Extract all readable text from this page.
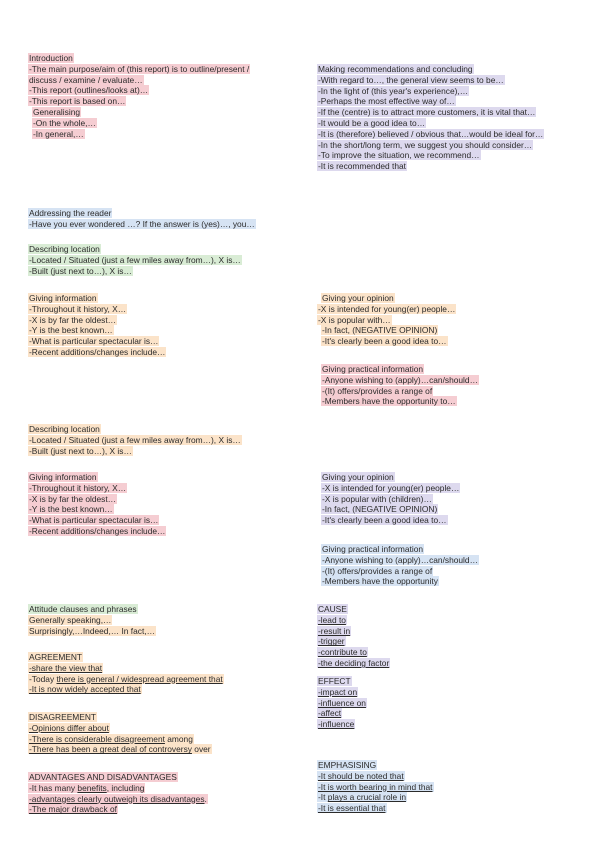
Introduction
-The main purpose/aim of (this report) is to outline/present /
discuss / examine / evaluate…
-This report (outlines/looks at)…
-This report is based on…
Generalising
-On the whole,…
-In general,…
Making recommendations and concluding
-With regard to…, the general view seems to be…
-In the light of (this year's experience),…
-Perhaps the most effective way of…
-If the (centre) is to attract more customers, it is vital that…
-It would be a good idea to…
-It is (therefore) believed / obvious that…would be ideal for…
-In the short/long term, we suggest you should consider…
-To improve the situation, we recommend…
-It is recommended that
Addressing the reader
-Have you ever wondered …? If the answer is (yes)…, you…
Describing location
-Located / Situated (just a few miles away from…), X is…
-Built (just next to…), X is…
Giving information
-Throughout it history, X…
-X is by far the oldest…
-Y is the best known…
-What is particular spectacular is…
-Recent additions/changes include…
Giving your opinion
-X is intended for young(er) people…
-X is popular with…
-In fact, (NEGATIVE OPINION)
-It's clearly been a good idea to…
Giving practical information
-Anyone wishing to (apply)…can/should…
-(It) offers/provides a range of
-Members have the opportunity to…
Describing location
-Located / Situated (just a few miles away from…), X is…
-Built (just next to…), X is…
Giving information
-Throughout it history, X…
-X is by far the oldest…
-Y is the best known…
-What is particular spectacular is…
-Recent additions/changes include…
Giving your opinion
-X is intended for young(er) people…
-X is popular with (children)…
-In fact, (NEGATIVE OPINION)
-It's clearly been a good idea to…
Giving practical information
-Anyone wishing to (apply)…can/should…
-(It) offers/provides a range of
-Members have the opportunity
Attitude clauses and phrases
Generally speaking,…
Surprisingly,…Indeed,… In fact,…
AGREEMENT
-share the view that
-Today there is general / widespread agreement that
-It is now widely accepted that
DISAGREEMENT
-Opinions differ about
-There is considerable disagreement among
-There has been a great deal of controversy over
ADVANTAGES AND DISADVANTAGES
-It has many benefits, including
-advantages clearly outweigh its disadvantages.
-The major drawback of
CAUSE
-lead to
-result in
-trigger
-contribute to
-the deciding factor
EFFECT
-impact on
-influence on
-affect
-influence
EMPHASISING
-It should be noted that
-It is worth bearing in mind that
-It plays a crucial role in
-It is essential that
